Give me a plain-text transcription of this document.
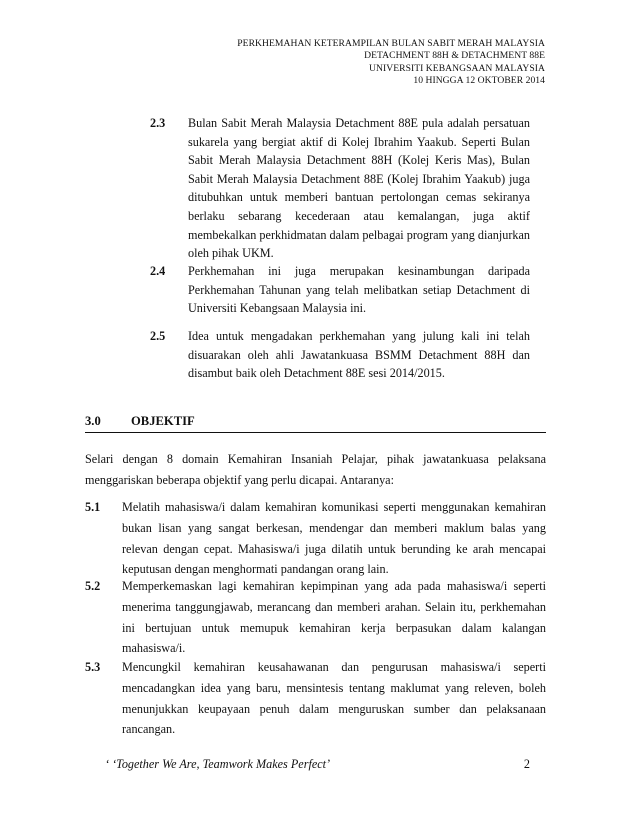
PERKHEMAHAN KETERAMPILAN BULAN SABIT MERAH MALAYSIA
DETACHMENT 88H & DETACHMENT 88E
UNIVERSITI KEBANGSAAN MALAYSIA
10 HINGGA 12 OKTOBER 2014
2.3 Bulan Sabit Merah Malaysia Detachment 88E pula adalah persatuan sukarela yang bergiat aktif di Kolej Ibrahim Yaakub. Seperti Bulan Sabit Merah Malaysia Detachment 88H (Kolej Keris Mas), Bulan Sabit Merah Malaysia Detachment 88E (Kolej Ibrahim Yaakub) juga ditubuhkan untuk memberi bantuan pertolongan cemas sekiranya berlaku sebarang kecederaan atau kemalangan, juga aktif membekalkan perkhidmatan dalam pelbagai program yang dianjurkan oleh pihak UKM.
2.4 Perkhemahan ini juga merupakan kesinambungan daripada Perkhemahan Tahunan yang telah melibatkan setiap Detachment di Universiti Kebangsaan Malaysia ini.
2.5 Idea untuk mengadakan perkhemahan yang julung kali ini telah disuarakan oleh ahli Jawatankuasa BSMM Detachment 88H dan disambut baik oleh Detachment 88E sesi 2014/2015.
3.0 OBJEKTIF
Selari dengan 8 domain Kemahiran Insaniah Pelajar, pihak jawatankuasa pelaksana menggariskan beberapa objektif yang perlu dicapai. Antaranya:
5.1 Melatih mahasiswa/i dalam kemahiran komunikasi seperti menggunakan kemahiran bukan lisan yang sangat berkesan, mendengar dan memberi maklum balas yang relevan dengan cepat. Mahasiswa/i juga dilatih untuk berunding ke arah mencapai keputusan dengan menghormati pandangan orang lain.
5.2 Memperkemaskan lagi kemahiran kepimpinan yang ada pada mahasiswa/i seperti menerima tanggungjawab, merancang dan memberi arahan. Selain itu, perkhemahan ini bertujuan untuk memupuk kemahiran kerja berpasukan dalam kalangan mahasiswa/i.
5.3 Mencungkil kemahiran keusahawanan dan pengurusan mahasiswa/i seperti mencadangkan idea yang baru, mensintesis tentang maklumat yang releven, boleh menunjukkan keupayaan penuh dalam menguruskan sumber dan pelaksanaan rancangan.
‘ ‘Together We Are, Teamwork Makes Perfect’	2
